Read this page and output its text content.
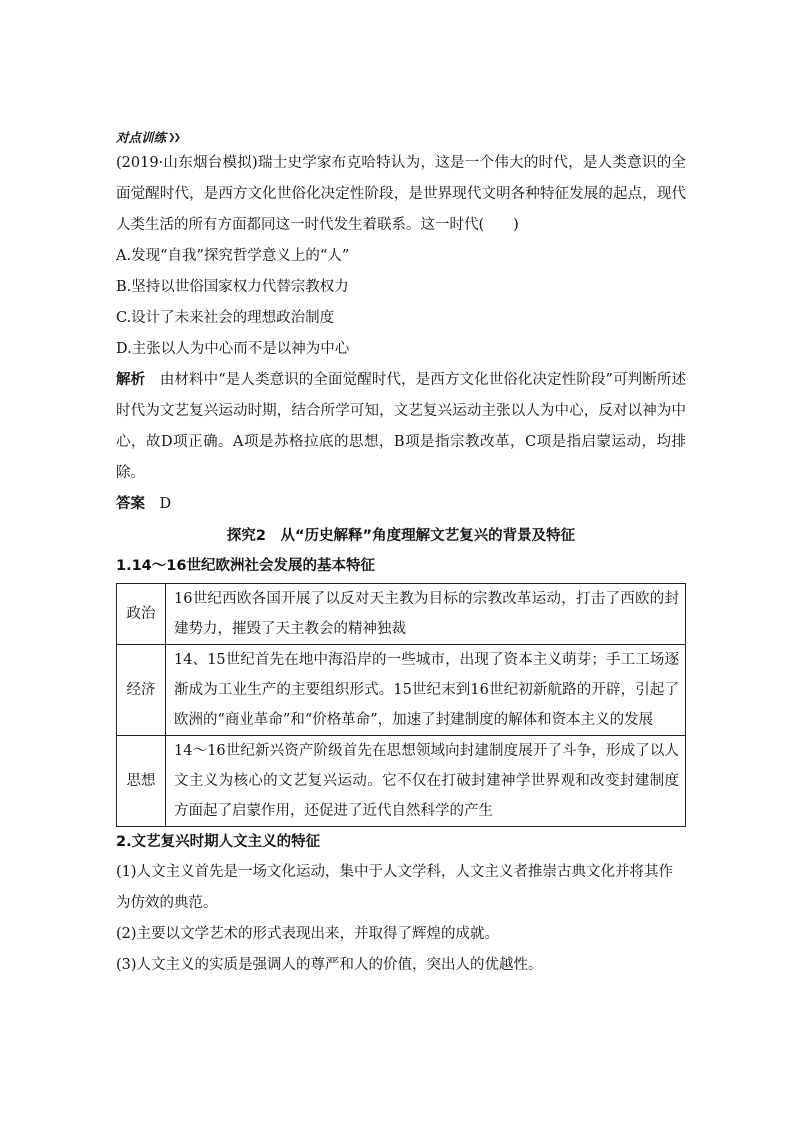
对点训练 ❯❯

(2019·山东烟台模拟)瑞士史学家布克哈特认为，这是一个伟大的时代，是人类意识的全面觉醒时代，是西方文化世俗化决定性阶段，是世界现代文明各种特征发展的起点，现代人类生活的所有方面都同这一时代发生着联系。这一时代(　　)

A.发现“自我”探究哲学意义上的“人”

B.坚持以世俗国家权力代替宗教权力

C.设计了未来社会的理想政治制度

D.主张以人为中心而不是以神为中心

解析　 由材料中“是人类意识的全面觉醒时代，是西方文化世俗化决定性阶段”可判断所述时代为文艺复兴运动时期，结合所学可知，文艺复兴运动主张以人为中心，反对以神为中心，故D项正确。A项是苏格拉底的思想，B项是指宗教改革，C项是指启蒙运动，均排除。

答案　 D
探究2　从“历史解释”角度理解文艺复兴的背景及特征
1.14～16世纪欧洲社会发展的基本特征
政治	16世纪西欧各国开展了以反对天主教为目标的宗教改革运动，打击了西欧的封建势力，摧毁了天主教会的精神独裁
经济	14、15世纪首先在地中海沿岸的一些城市，出现了资本主义萌芽；手工工场逐渐成为工业生产的主要组织形式。15世纪末到16世纪初新航路的开辟，引起了欧洲的“商业革命”和“价格革命”，加速了封建制度的解体和资本主义的发展
思想	14～16世纪新兴资产阶级首先在思想领域向封建制度展开了斗争，形成了以人文主义为核心的文艺复兴运动。它不仅在打破封建神学世界观和改变封建制度方面起了启蒙作用，还促进了近代自然科学的产生
2.文艺复兴时期人文主义的特征

(1)人文主义首先是一场文化运动，集中于人文学科，人文主义者推崇古典文化并将其作为仿效的典范。

(2)主要以文学艺术的形式表现出来，并取得了辉煌的成就。

(3)人文主义的实质是强调人的尊严和人的价值，突出人的优越性。
